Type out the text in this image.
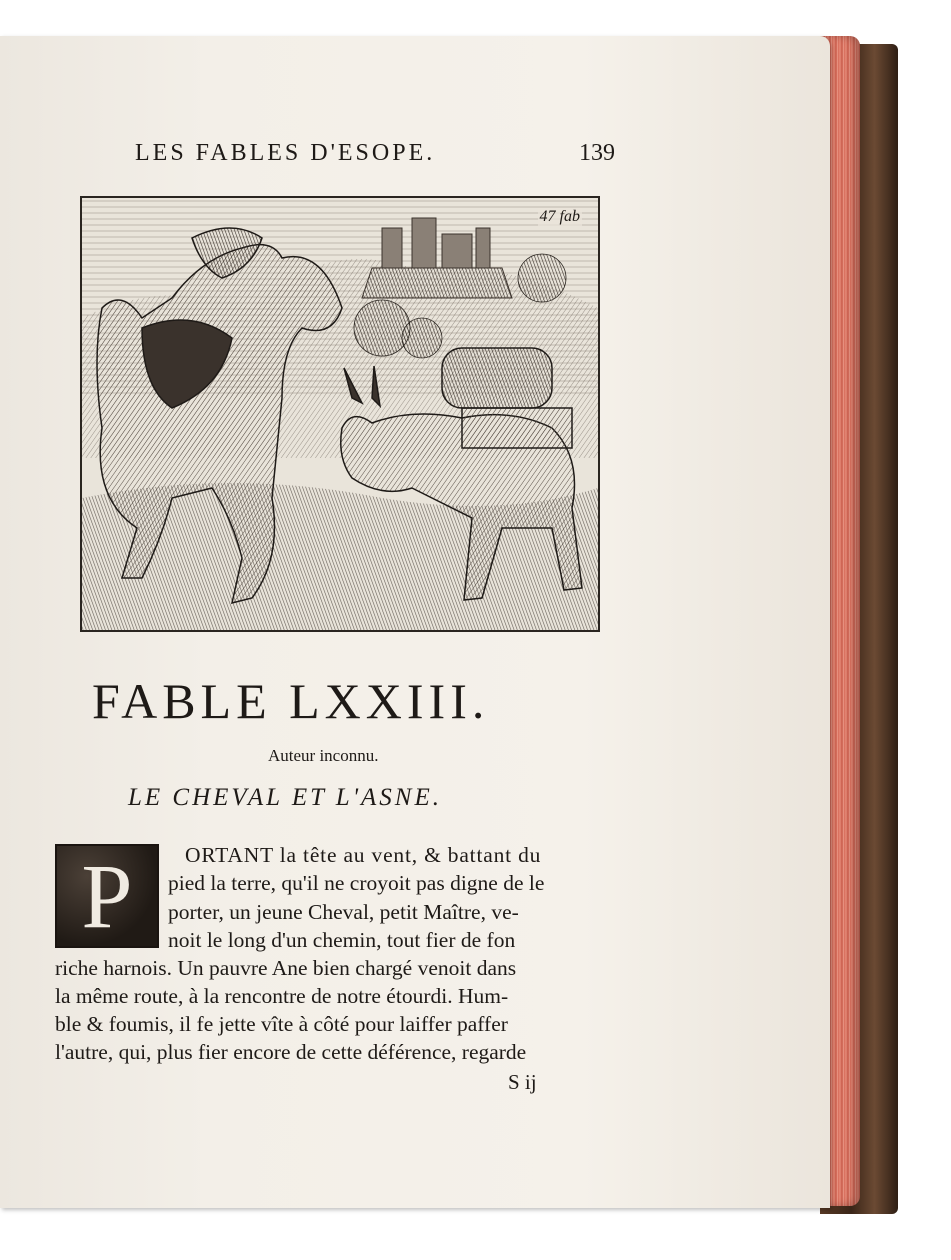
LES FABLES D'ESOPE.	139
47 fab
FABLE LXXIII.
Auteur inconnu.
LE CHEVAL ET L'ASNE.
P	ORTANT la tête au vent, & battant du
pied la terre, qu'il ne croyoit pas digne de le
porter, un jeune Cheval, petit Maître, ve-
noit le long d'un chemin, tout fier de fon
riche harnois. Un pauvre Ane bien chargé venoit dans
la même route, à la rencontre de notre étourdi. Hum-
ble & foumis, il fe jette vîte à côté pour laiffer paffer
l'autre, qui, plus fier encore de cette déférence, regarde
S ij
